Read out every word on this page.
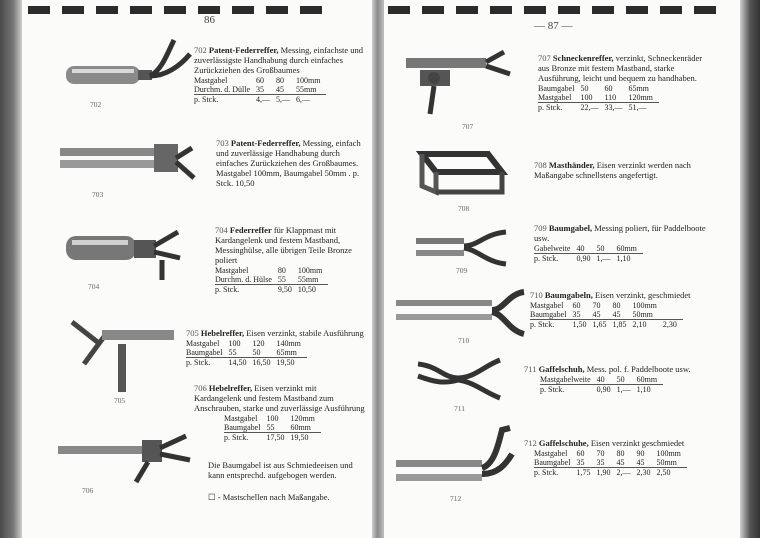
86
702
702 Patent-Federreffer, Messing, einfachste und zuverlässigste Handhabung durch einfaches Zurückziehen des Großbaumes
Mastgabel	60	80	100mm
Durchm. d. Dülle	35	45	55mm
p. Stck.	4,—	5,—	6,—
703
703 Patent-Federreffer, Messing, einfach und zuverlässige Handhabung durch einfaches Zurückziehen des Großbaumes. Mastgabel 100mm, Baumgabel 50mm . p. Stck. 10,50
704
704 Federreffer für Klappmast mit Kardangelenk und festem Mastband, Messinghülse, alle übrigen Teile Bronze poliert
Mastgabel	80	100mm
Durchm. d. Hülse	55	55mm
p. Stck.	9,50	10,50
705
705 Hebelreffer, Eisen verzinkt, stabile Ausführung
Mastgabel	100	120	140mm
Baumgabel	55	50	65mm
p. Stck.	14,50	16,50	19,50
706
706 Hebelreffer, Eisen verzinkt mit Kardangelenk und festem Mastband zum Anschrauben, starke und zuverlässige Ausführung
Mastgabel	100	120mm
Baumgabel	55	60mm
p. Stck.	17,50	19,50
Die Baumgabel ist aus Schmiedeeisen und kann entsprechd. aufgebogen werden.
☐ - Mastschellen nach Maßangabe.
— 87 —
707
707 Schneckenreffer, verzinkt, Schneckenräder aus Bronze mit festem Mastband, starke Ausführung, leicht und bequem zu handhaben.
Baumgabel	50	60	65mm
Mastgabel	100	110	120mm
p. Stck.	22,—	33,—	51,—
708
708 Masthänder, Eisen verzinkt werden nach Maßangabe schnellstens angefertigt.
709
709 Baumgabel, Messing poliert, für Paddelboote usw.
Gabelweite	40	50	60mm
p. Stck.	0,90	1,—	1,10
710
710 Baumgabeln, Eisen verzinkt, geschmiedet
Mastgabel	60	70	80	100mm	
Baumgabel	35	45	45	50mm	
p. Stck.	1,50	1,65	1,85	2,10	2,30
711
711 Gaffelschuh, Mess. pol. f. Paddelboote usw.
Mastgabelweite	40	50	60mm
p. Stck.	0,90	1,—	1,10
712
712 Gaffelschuhe, Eisen verzinkt geschmiedet
Mastgabel	60	70	80	90	100mm
Baumgabel	35	35	45	45	50mm
p. Stck.	1,75	1,90	2,—	2,30	2,50
